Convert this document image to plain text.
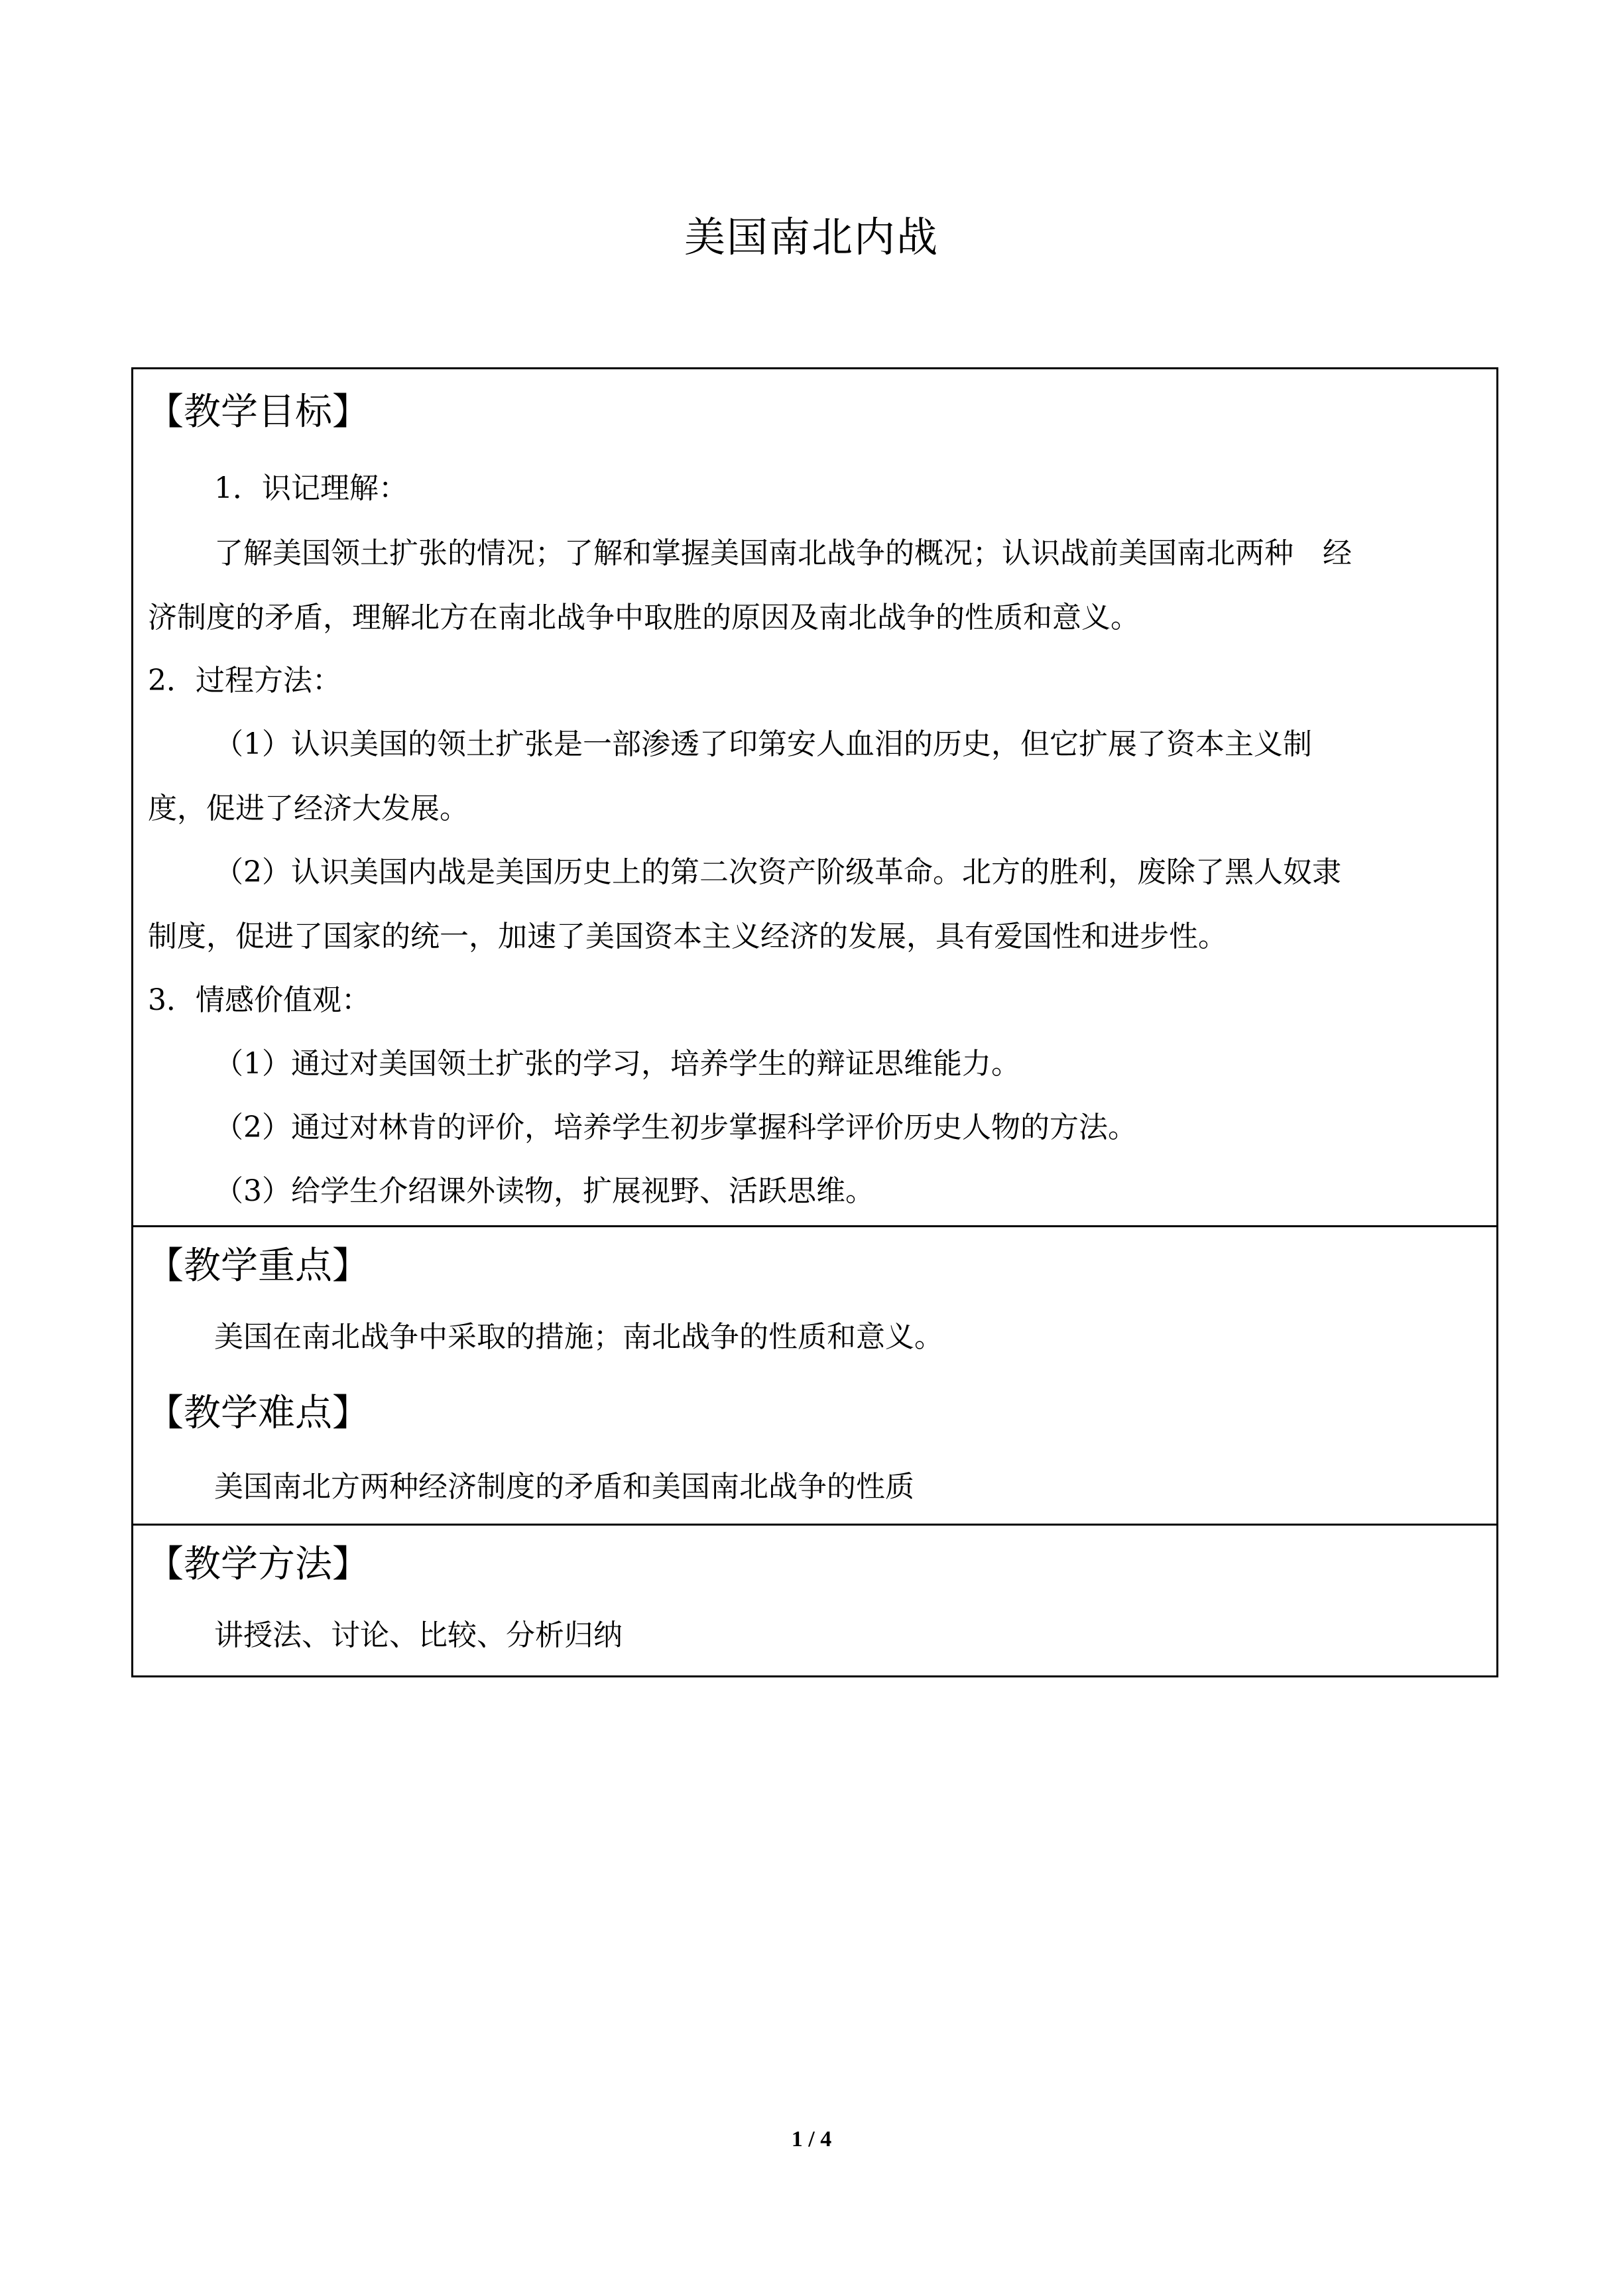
美国南北内战
【教学目标】
1．识记理解：
了解美国领土扩张的情况；了解和掌握美国南北战争的概况；认识战前美国南北两种　经
济制度的矛盾，理解北方在南北战争中取胜的原因及南北战争的性质和意义。
2．过程方法：
（1）认识美国的领土扩张是一部渗透了印第安人血泪的历史，但它扩展了资本主义制
度，促进了经济大发展。
（2）认识美国内战是美国历史上的第二次资产阶级革命。北方的胜利，废除了黑人奴隶
制度，促进了国家的统一，加速了美国资本主义经济的发展，具有爱国性和进步性。
3．情感价值观：
（1）通过对美国领土扩张的学习，培养学生的辩证思维能力。
（2）通过对林肯的评价，培养学生初步掌握科学评价历史人物的方法。
（3）给学生介绍课外读物，扩展视野、活跃思维。
【教学重点】
美国在南北战争中采取的措施；南北战争的性质和意义。
【教学难点】
美国南北方两种经济制度的矛盾和美国南北战争的性质
【教学方法】
讲授法、讨论、比较、分析归纳
1 / 4
